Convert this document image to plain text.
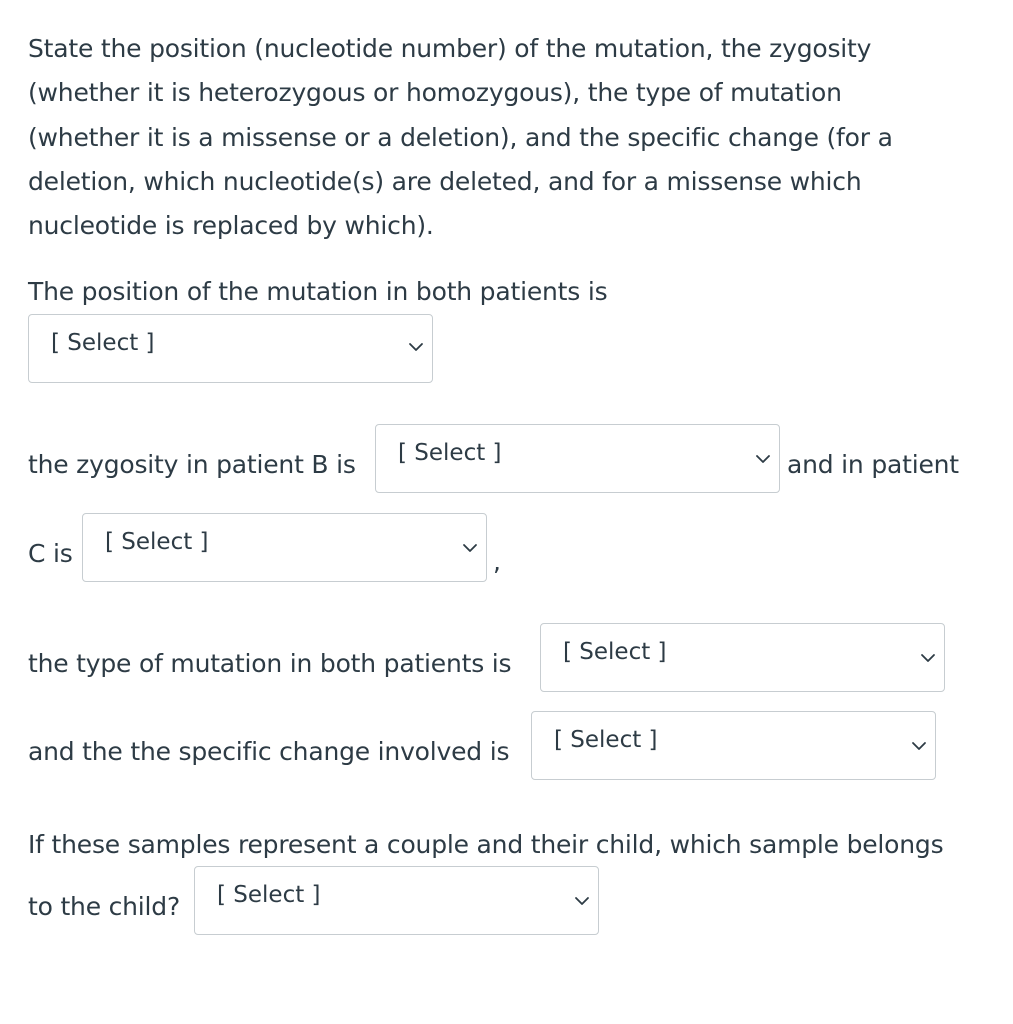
State the position (nucleotide number) of the mutation, the zygosity
(whether it is heterozygous or homozygous), the type of mutation
(whether it is a missense or a deletion), and the specific change (for a
deletion, which nucleotide(s) are deleted, and for a missense which
nucleotide is replaced by which).
The position of the mutation in both patients is
[ Select ]
the zygosity in patient B is [ Select ]	and in patient
C is [ Select ]
,
the type of mutation in both patients is [ Select ]
and the the specific change involved is [ Select ]
If these samples represent a couple and their child, which sample belongs
to the child? [ Select ]
